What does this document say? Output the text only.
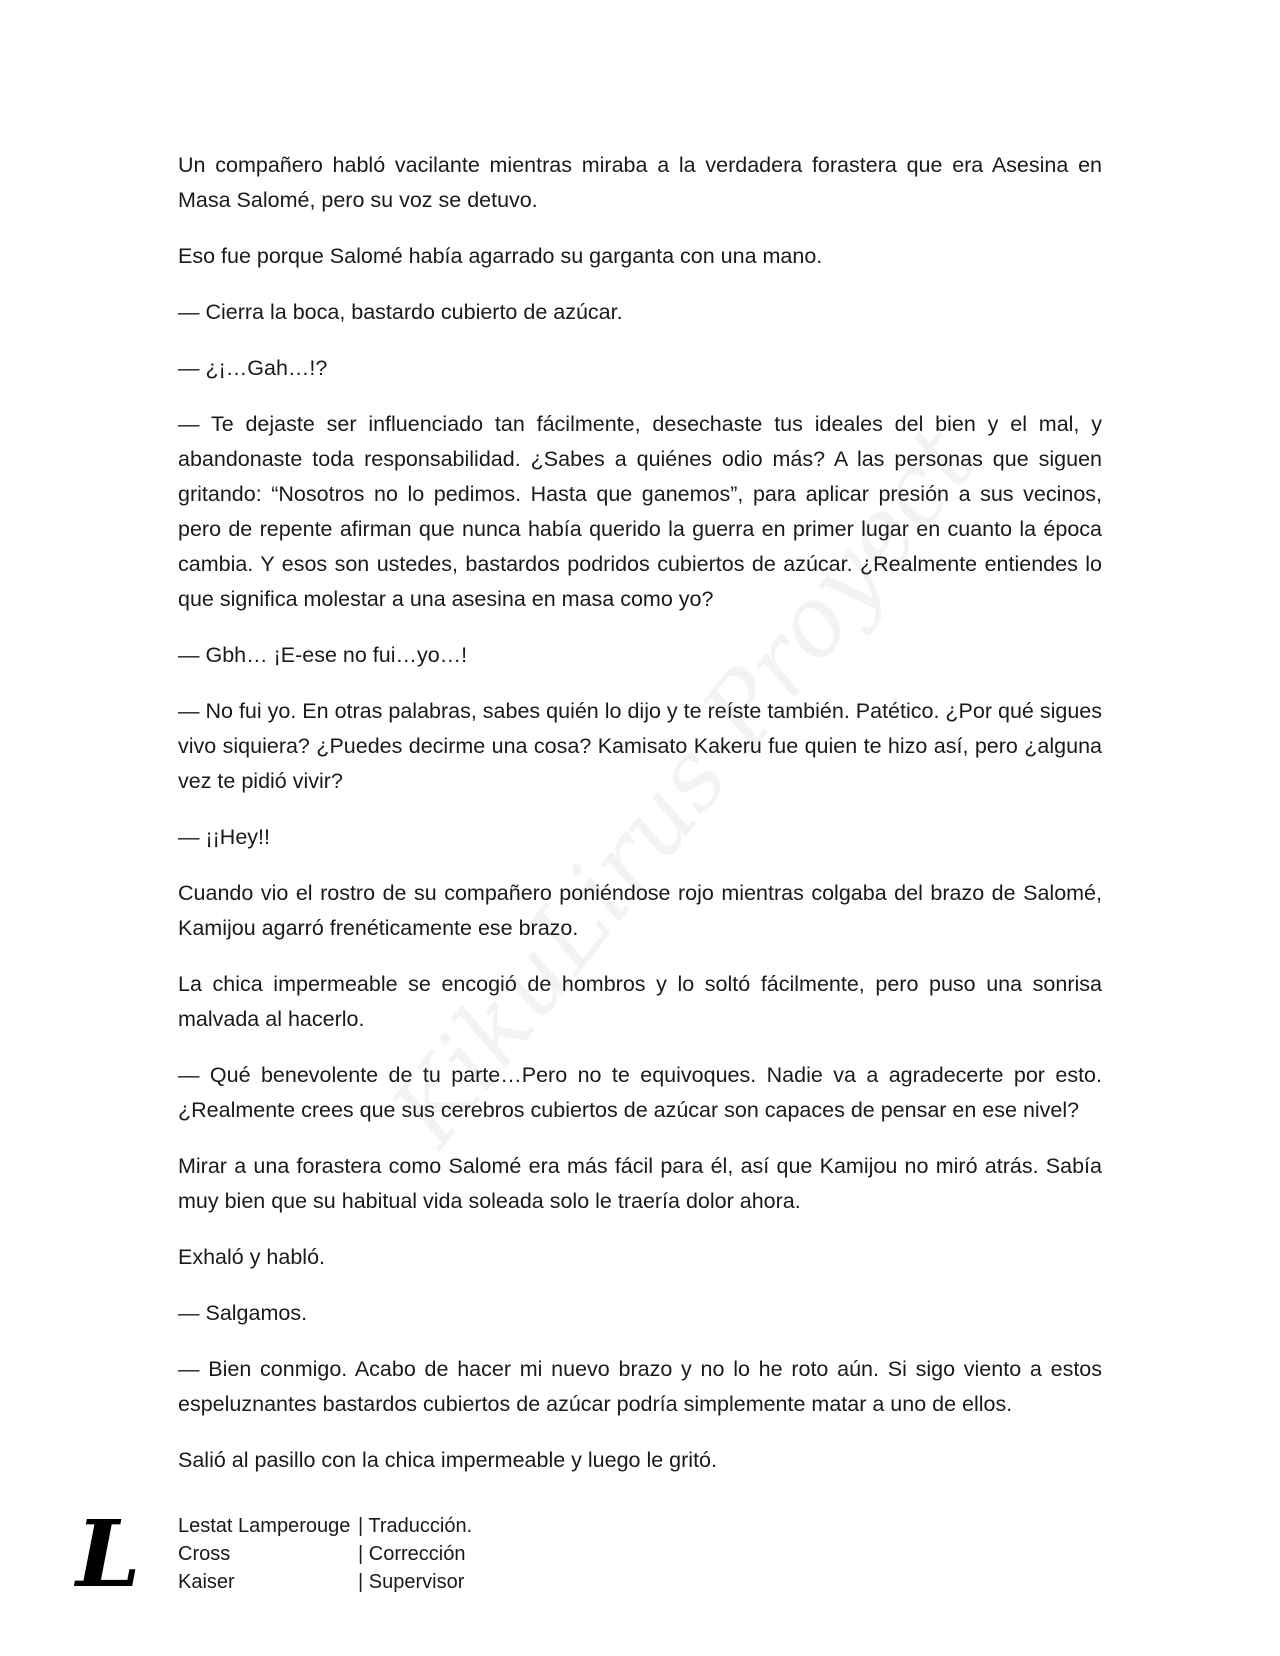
Un compañero habló vacilante mientras miraba a la verdadera forastera que era Asesina en Masa Salomé, pero su voz se detuvo.

Eso fue porque Salomé había agarrado su garganta con una mano.

— Cierra la boca, bastardo cubierto de azúcar.

— ¿¡…Gah…!?

— Te dejaste ser influenciado tan fácilmente, desechaste tus ideales del bien y el mal, y abandonaste toda responsabilidad. ¿Sabes a quiénes odio más? A las personas que siguen gritando: “Nosotros no lo pedimos. Hasta que ganemos”, para aplicar presión a sus vecinos, pero de repente afirman que nunca había querido la guerra en primer lugar en cuanto la época cambia. Y esos son ustedes, bastardos podridos cubiertos de azúcar. ¿Realmente entiendes lo que significa molestar a una asesina en masa como yo?

— Gbh… ¡E-ese no fui…yo…!

— No fui yo. En otras palabras, sabes quién lo dijo y te reíste también. Patético. ¿Por qué sigues vivo siquiera? ¿Puedes decirme una cosa? Kamisato Kakeru fue quien te hizo así, pero ¿alguna vez te pidió vivir?

— ¡¡Hey!!

Cuando vio el rostro de su compañero poniéndose rojo mientras colgaba del brazo de Salomé, Kamijou agarró frenéticamente ese brazo.

La chica impermeable se encogió de hombros y lo soltó fácilmente, pero puso una sonrisa malvada al hacerlo.

— Qué benevolente de tu parte…Pero no te equivoques. Nadie va a agradecerte por esto. ¿Realmente crees que sus cerebros cubiertos de azúcar son capaces de pensar en ese nivel?

Mirar a una forastera como Salomé era más fácil para él, así que Kamijou no miró atrás. Sabía muy bien que su habitual vida soleada solo le traería dolor ahora.

Exhaló y habló.

— Salgamos.

— Bien conmigo. Acabo de hacer mi nuevo brazo y no lo he roto aún. Si sigo viento a estos espeluznantes bastardos cubiertos de azúcar podría simplemente matar a uno de ellos.

Salió al pasillo con la chica impermeable y luego le gritó.

L Lestat Lamperouge | Traducción.
Cross	| Corrección
Kaiser	| Supervisor
